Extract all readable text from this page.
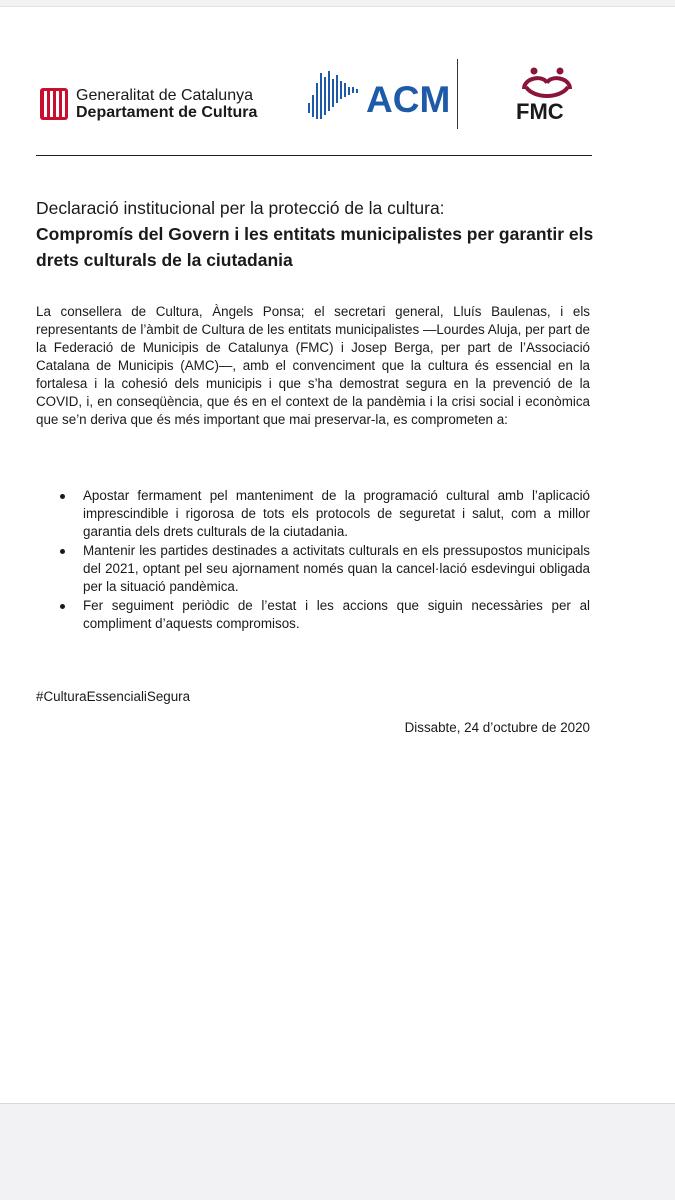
Generalitat de Catalunya
Departament de Cultura	ACM	FMC
Declaració institucional per la protecció de la cultura:
Compromís del Govern i les entitats municipalistes per garantir els drets culturals de la ciutadania

La consellera de Cultura, Àngels Ponsa; el secretari general, Lluís Baulenas, i els representants de l’àmbit de Cultura de les entitats municipalistes —Lourdes Aluja, per part de la Federació de Municipis de Catalunya (FMC) i Josep Berga, per part de l’Associació Catalana de Municipis (AMC)—, amb el convenciment que la cultura és essencial en la fortalesa i la cohesió dels municipis i que s’ha demostrat segura en la prevenció de la COVID, i, en conseqüència, que és en el context de la pandèmia i la crisi social i econòmica que se’n deriva que és més important que mai preservar-la, es comprometen a:

Apostar fermament pel manteniment de la programació cultural amb l’aplicació imprescindible i rigorosa de tots els protocols de seguretat i salut, com a millor garantia dels drets culturals de la ciutadania.
Mantenir les partides destinades a activitats culturals en els pressupostos municipals del 2021, optant pel seu ajornament només quan la cancel·lació esdevingui obligada per la situació pandèmica.
Fer seguiment periòdic de l’estat i les accions que siguin necessàries per al compliment d’aquests compromisos.
#CulturaEssencialiSegura
Dissabte, 24 d’octubre de 2020
